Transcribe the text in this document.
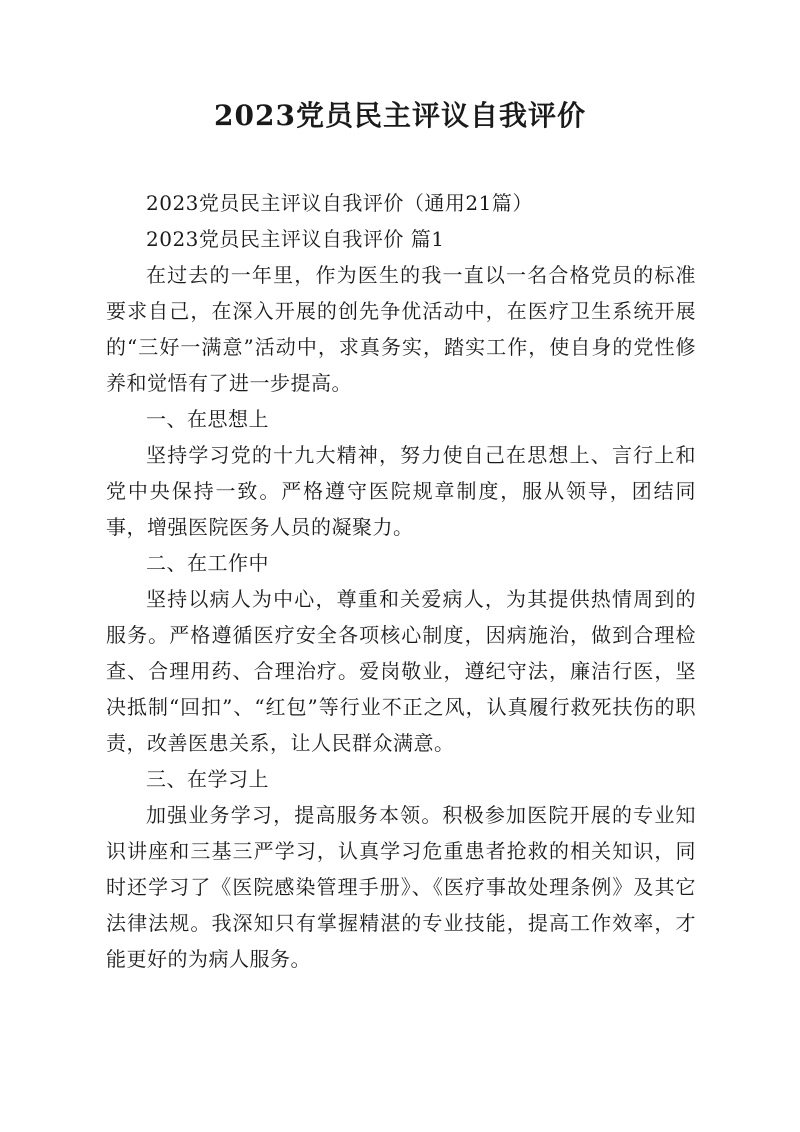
2023党员民主评议自我评价

2023党员民主评议自我评价（通用21篇）

2023党员民主评议自我评价 篇1

在过去的一年里，作为医生的我一直以一名合格党员的标准要求自己，在深入开展的创先争优活动中，在医疗卫生系统开展的“三好一满意”活动中，求真务实，踏实工作，使自身的党性修养和觉悟有了进一步提高。

一、在思想上

坚持学习党的十九大精神，努力使自己在思想上、言行上和党中央保持一致。严格遵守医院规章制度，服从领导，团结同事，增强医院医务人员的凝聚力。

二、在工作中

坚持以病人为中心，尊重和关爱病人，为其提供热情周到的服务。严格遵循医疗安全各项核心制度，因病施治，做到合理检查、合理用药、合理治疗。爱岗敬业，遵纪守法，廉洁行医，坚决抵制“回扣”、“红包”等行业不正之风，认真履行救死扶伤的职责，改善医患关系，让人民群众满意。

三、在学习上

加强业务学习，提高服务本领。积极参加医院开展的专业知识讲座和三基三严学习，认真学习危重患者抢救的相关知识，同时还学习了《医院感染管理手册》、《医疗事故处理条例》及其它法律法规。我深知只有掌握精湛的专业技能，提高工作效率，才能更好的为病人服务。
